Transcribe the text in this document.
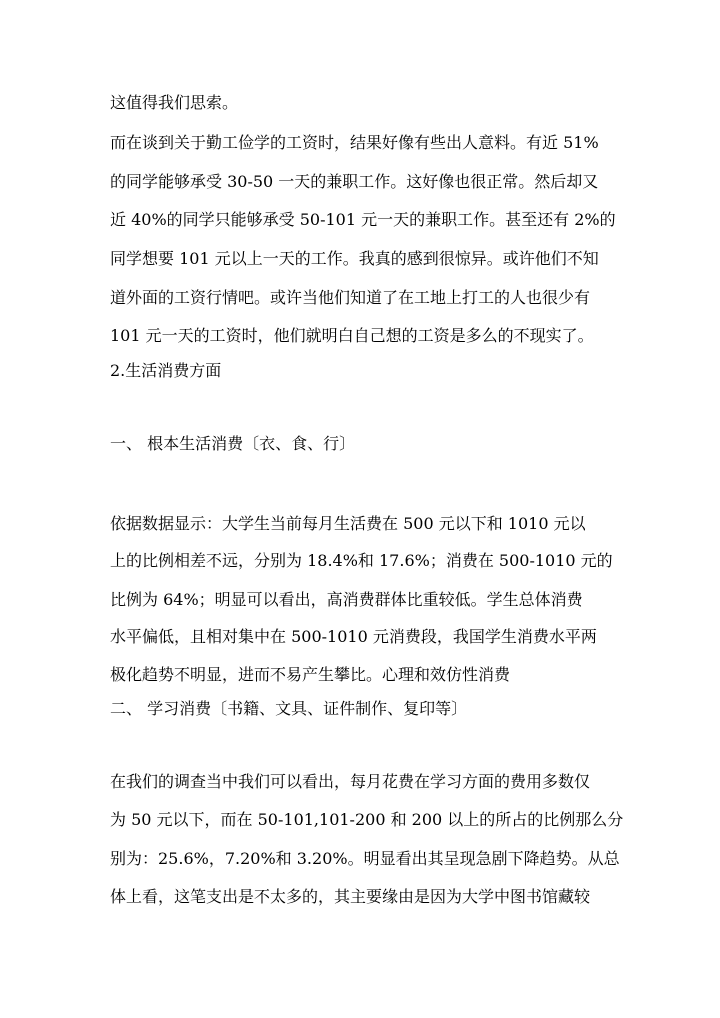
这值得我们思索。
而在谈到关于勤工俭学的工资时，结果好像有些出人意料。有近 51%
的同学能够承受 30-50 一天的兼职工作。这好像也很正常。然后却又
近 40%的同学只能够承受 50-101 元一天的兼职工作。甚至还有 2%的
同学想要 101 元以上一天的工作。我真的感到很惊异。或许他们不知
道外面的工资行情吧。或许当他们知道了在工地上打工的人也很少有
101 元一天的工资时，他们就明白自己想的工资是多么的不现实了。
2.生活消费方面
一、 根本生活消费〔衣、食、行〕
依据数据显示：大学生当前每月生活费在 500 元以下和 1010 元以
上的比例相差不远，分别为 18.4%和 17.6%；消费在 500-1010 元的
比例为 64%；明显可以看出，高消费群体比重较低。学生总体消费
水平偏低，且相对集中在 500-1010 元消费段，我国学生消费水平两
极化趋势不明显，进而不易产生攀比。心理和效仿性消费
二、 学习消费〔书籍、文具、证件制作、复印等〕
在我们的调查当中我们可以看出，每月花费在学习方面的费用多数仅
为 50 元以下，而在 50-101,101-200 和 200 以上的所占的比例那么分
别为：25.6%，7.20%和 3.20%。明显看出其呈现急剧下降趋势。从总
体上看，这笔支出是不太多的，其主要缘由是因为大学中图书馆藏较
